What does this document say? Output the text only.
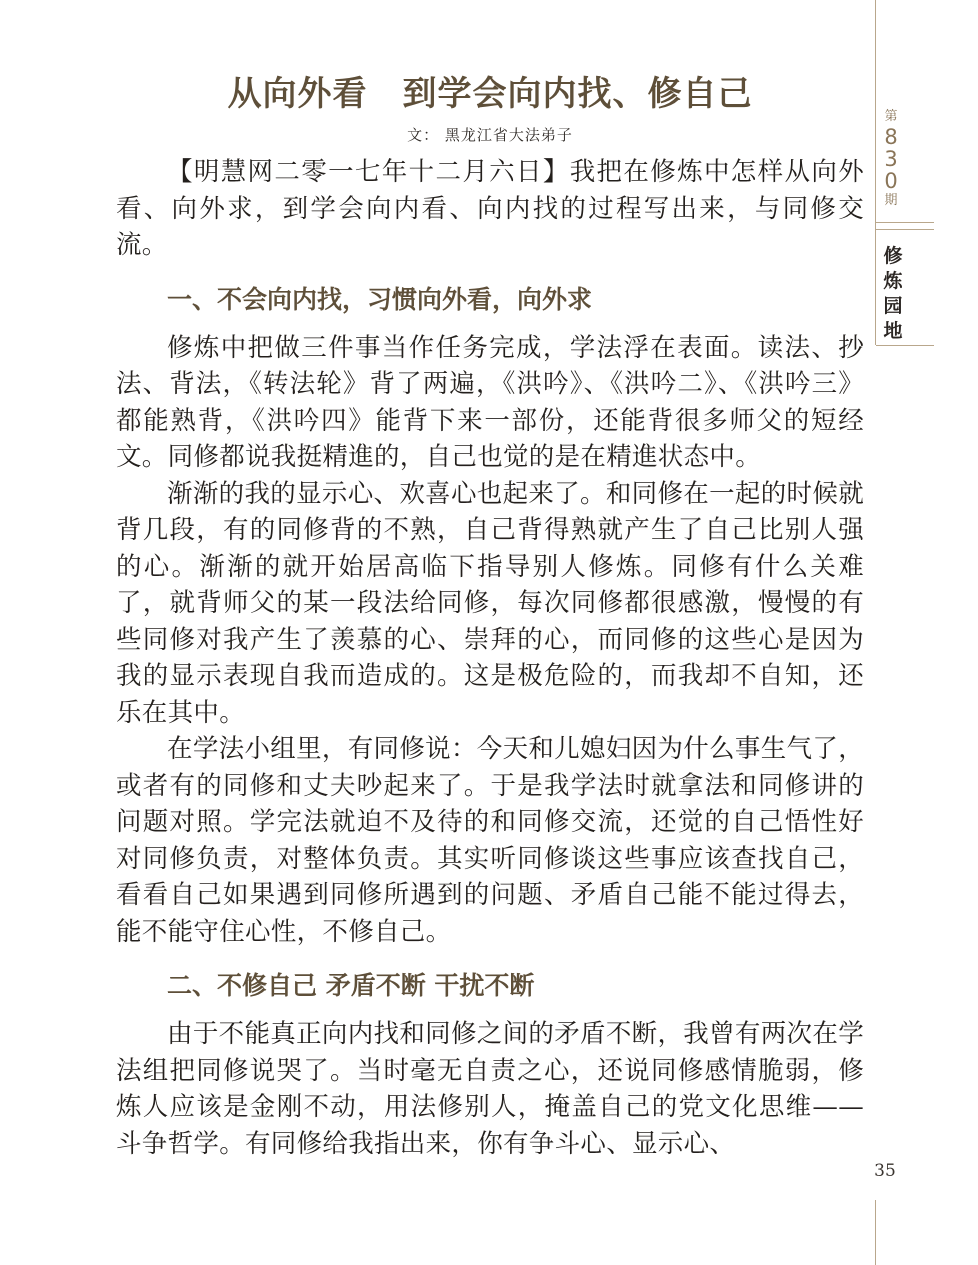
从向外看　到学会向内找、修自己
文： 黑龙江省大法弟子

【明慧网二零一七年十二月六日】我把在修炼中怎样从向外看、向外求，到学会向内看、向内找的过程写出来，与同修交流。

一、不会向内找，习惯向外看，向外求

修炼中把做三件事当作任务完成，学法浮在表面。读法、抄法、背法，《转法轮》背了两遍，《洪吟》、《洪吟二》、《洪吟三》都能熟背，《洪吟四》能背下来一部份，还能背很多师父的短经文。同修都说我挺精進的，自己也觉的是在精進状态中。

渐渐的我的显示心、欢喜心也起来了。和同修在一起的时候就背几段，有的同修背的不熟，自己背得熟就产生了自己比别人强的心。渐渐的就开始居高临下指导别人修炼。同修有什么关难了，就背师父的某一段法给同修，每次同修都很感激，慢慢的有些同修对我产生了羡慕的心、崇拜的心，而同修的这些心是因为我的显示表现自我而造成的。这是极危险的，而我却不自知，还乐在其中。

在学法小组里，有同修说：今天和儿媳妇因为什么事生气了，或者有的同修和丈夫吵起来了。于是我学法时就拿法和同修讲的问题对照。学完法就迫不及待的和同修交流，还觉的自己悟性好对同修负责，对整体负责。其实听同修谈这些事应该查找自己，看看自己如果遇到同修所遇到的问题、矛盾自己能不能过得去，能不能守住心性，不修自己。

二、不修自己 矛盾不断 干扰不断

由于不能真正向内找和同修之间的矛盾不断，我曾有两次在学法组把同修说哭了。当时毫无自责之心，还说同修感情脆弱，修炼人应该是金刚不动，用法修别人，掩盖自己的党文化思维——斗争哲学。有同修给我指出来，你有争斗心、显示心、

第
8
3
0
期
修
炼
园
地
35
